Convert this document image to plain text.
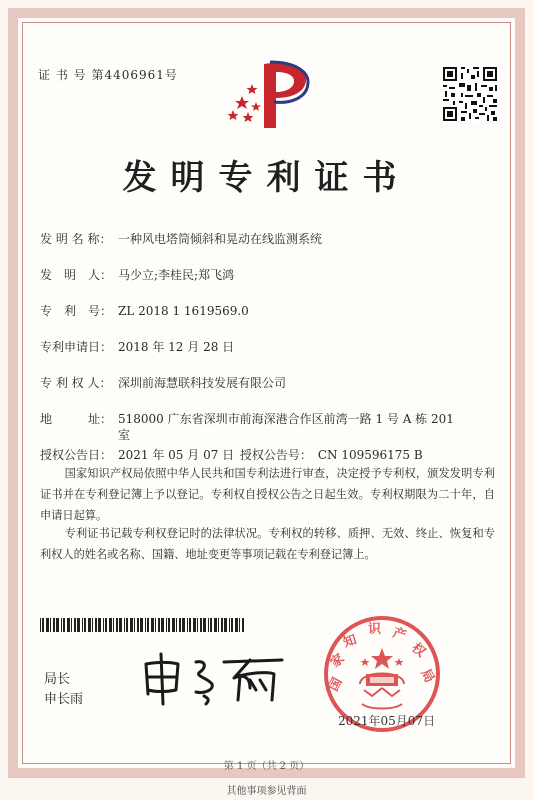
证 书 号 第4406961号
发明专利证书
发 明 名 称： 一种风电塔筒倾斜和晃动在线监测系统
发　明　人： 马少立;李桂民;郑飞鸿
专　利　号： ZL 2018 1 1619569.0
专利申请日： 2018 年 12 月 28 日
专 利 权 人： 深圳前海慧联科技发展有限公司
地　　　址： 518000 广东省深圳市前海深港合作区前湾一路 1 号 A 栋 201
室
授权公告日： 2021 年 05 月 07 日 授权公告号： CN 109596175 B
国家知识产权局依照中华人民共和国专利法进行审查，决定授予专利权，颁发发明专利证书并在专利登记簿上予以登记。专利权自授权公告之日起生效。专利权期限为二十年，自申请日起算。
专利证书记载专利权登记时的法律状况。专利权的转移、质押、无效、终止、恢复和专利权人的姓名或名称、国籍、地址变更等事项记载在专利登记簿上。
局长
申长雨
国
家
知
识 产
权
局
2021年05月07日
第 1 页（共 2 页）
其他事项参见背面
